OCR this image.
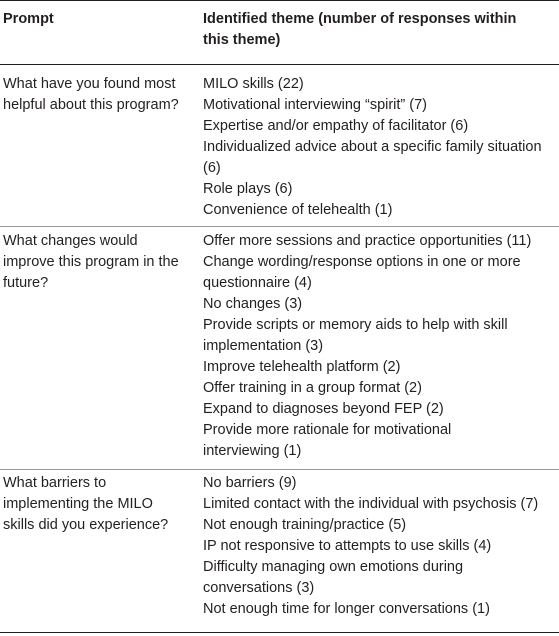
Prompt	Identified theme (number of responses within
this theme)
What have you found most
helpful about this program?
MILO skills (22)
Motivational interviewing “spirit” (7)
Expertise and/or empathy of facilitator (6)
Individualized advice about a specific family situation
(6)
Role plays (6)
Convenience of telehealth (1)
What changes would
improve this program in the
future?
Offer more sessions and practice opportunities (11)
Change wording/response options in one or more
questionnaire (4)
No changes (3)
Provide scripts or memory aids to help with skill
implementation (3)
Improve telehealth platform (2)
Offer training in a group format (2)
Expand to diagnoses beyond FEP (2)
Provide more rationale for motivational
interviewing (1)
What barriers to
implementing the MILO
skills did you experience?
No barriers (9)
Limited contact with the individual with psychosis (7)
Not enough training/practice (5)
IP not responsive to attempts to use skills (4)
Difficulty managing own emotions during
conversations (3)
Not enough time for longer conversations (1)
